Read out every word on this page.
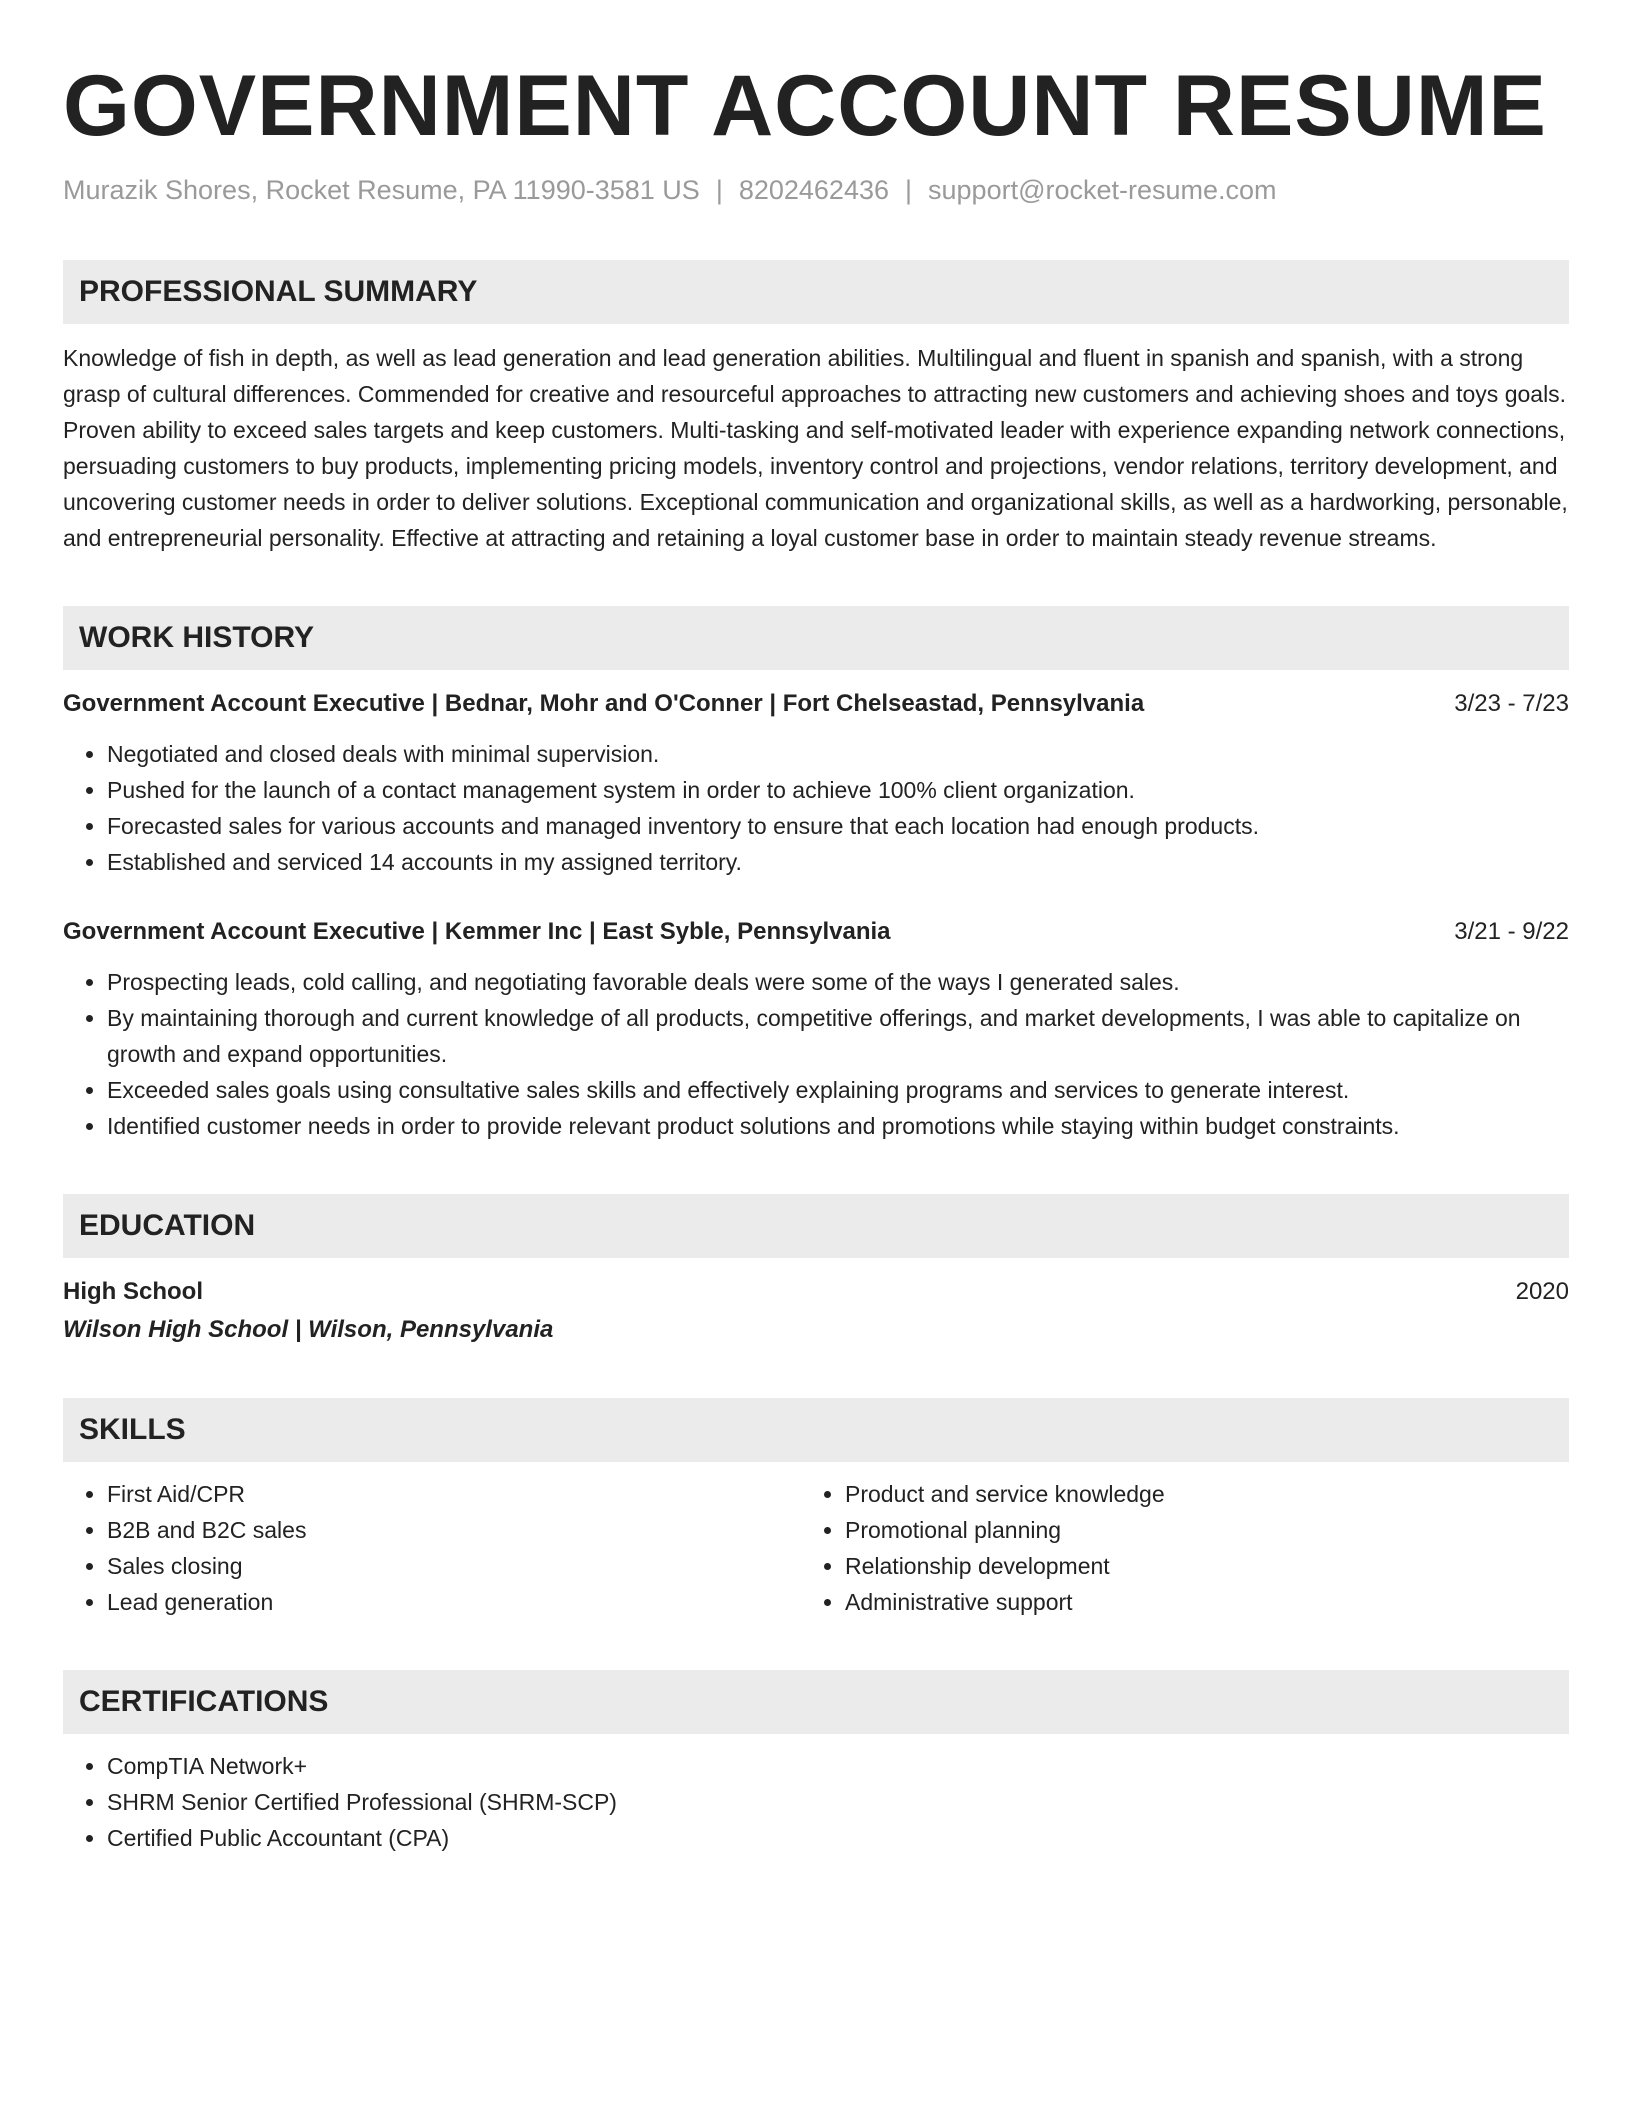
GOVERNMENT ACCOUNT RESUME
Murazik Shores, Rocket Resume, PA 11990-3581 US | 8202462436 | support@rocket-resume.com
PROFESSIONAL SUMMARY
Knowledge of fish in depth, as well as lead generation and lead generation abilities. Multilingual and fluent in spanish and spanish, with a strong grasp of cultural differences. Commended for creative and resourceful approaches to attracting new customers and achieving shoes and toys goals. Proven ability to exceed sales targets and keep customers. Multi-tasking and self-motivated leader with experience expanding network connections, persuading customers to buy products, implementing pricing models, inventory control and projections, vendor relations, territory development, and uncovering customer needs in order to deliver solutions. Exceptional communication and organizational skills, as well as a hardworking, personable, and entrepreneurial personality. Effective at attracting and retaining a loyal customer base in order to maintain steady revenue streams.
WORK HISTORY
Government Account Executive | Bednar, Mohr and O'Conner | Fort Chelseastad, Pennsylvania	3/23 - 7/23
• Negotiated and closed deals with minimal supervision.
• Pushed for the launch of a contact management system in order to achieve 100% client organization.
• Forecasted sales for various accounts and managed inventory to ensure that each location had enough products.
• Established and serviced 14 accounts in my assigned territory.
Government Account Executive | Kemmer Inc | East Syble, Pennsylvania	3/21 - 9/22
• Prospecting leads, cold calling, and negotiating favorable deals were some of the ways I generated sales.
• By maintaining thorough and current knowledge of all products, competitive offerings, and market developments, I was able to capitalize on growth and expand opportunities.
• Exceeded sales goals using consultative sales skills and effectively explaining programs and services to generate interest.
• Identified customer needs in order to provide relevant product solutions and promotions while staying within budget constraints.
EDUCATION
High School	2020
Wilson High School | Wilson, Pennsylvania
SKILLS
• First Aid/CPR
• B2B and B2C sales
• Sales closing
• Lead generation
• Product and service knowledge
• Promotional planning
• Relationship development
• Administrative support
CERTIFICATIONS
• CompTIA Network+
• SHRM Senior Certified Professional (SHRM-SCP)
• Certified Public Accountant (CPA)
